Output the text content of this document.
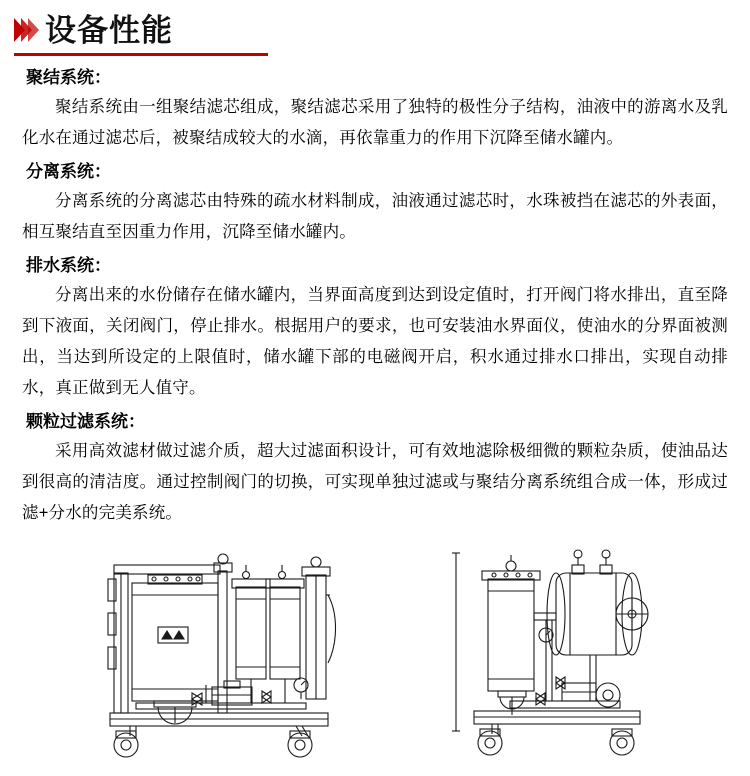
设备性能
聚结系统：

聚结系统由一组聚结滤芯组成，聚结滤芯采用了独特的极性分子结构，油液中的游离水及乳化水在通过滤芯后，被聚结成较大的水滴，再依靠重力的作用下沉降至储水罐内。

分离系统：

分离系统的分离滤芯由特殊的疏水材料制成，油液通过滤芯时，水珠被挡在滤芯的外表面，相互聚结直至因重力作用，沉降至储水罐内。

排水系统：

分离出来的水份储存在储水罐内，当界面高度到达到设定值时，打开阀门将水排出，直至降到下液面，关闭阀门，停止排水。根据用户的要求，也可安装油水界面仪，使油水的分界面被测出，当达到所设定的上限值时，储水罐下部的电磁阀开启，积水通过排水口排出，实现自动排水，真正做到无人值守。

颗粒过滤系统：

采用高效滤材做过滤介质，超大过滤面积设计，可有效地滤除极细微的颗粒杂质，使油品达到很高的清洁度。通过控制阀门的切换，可实现单独过滤或与聚结分离系统组合成一体，形成过滤+分水的完美系统。
